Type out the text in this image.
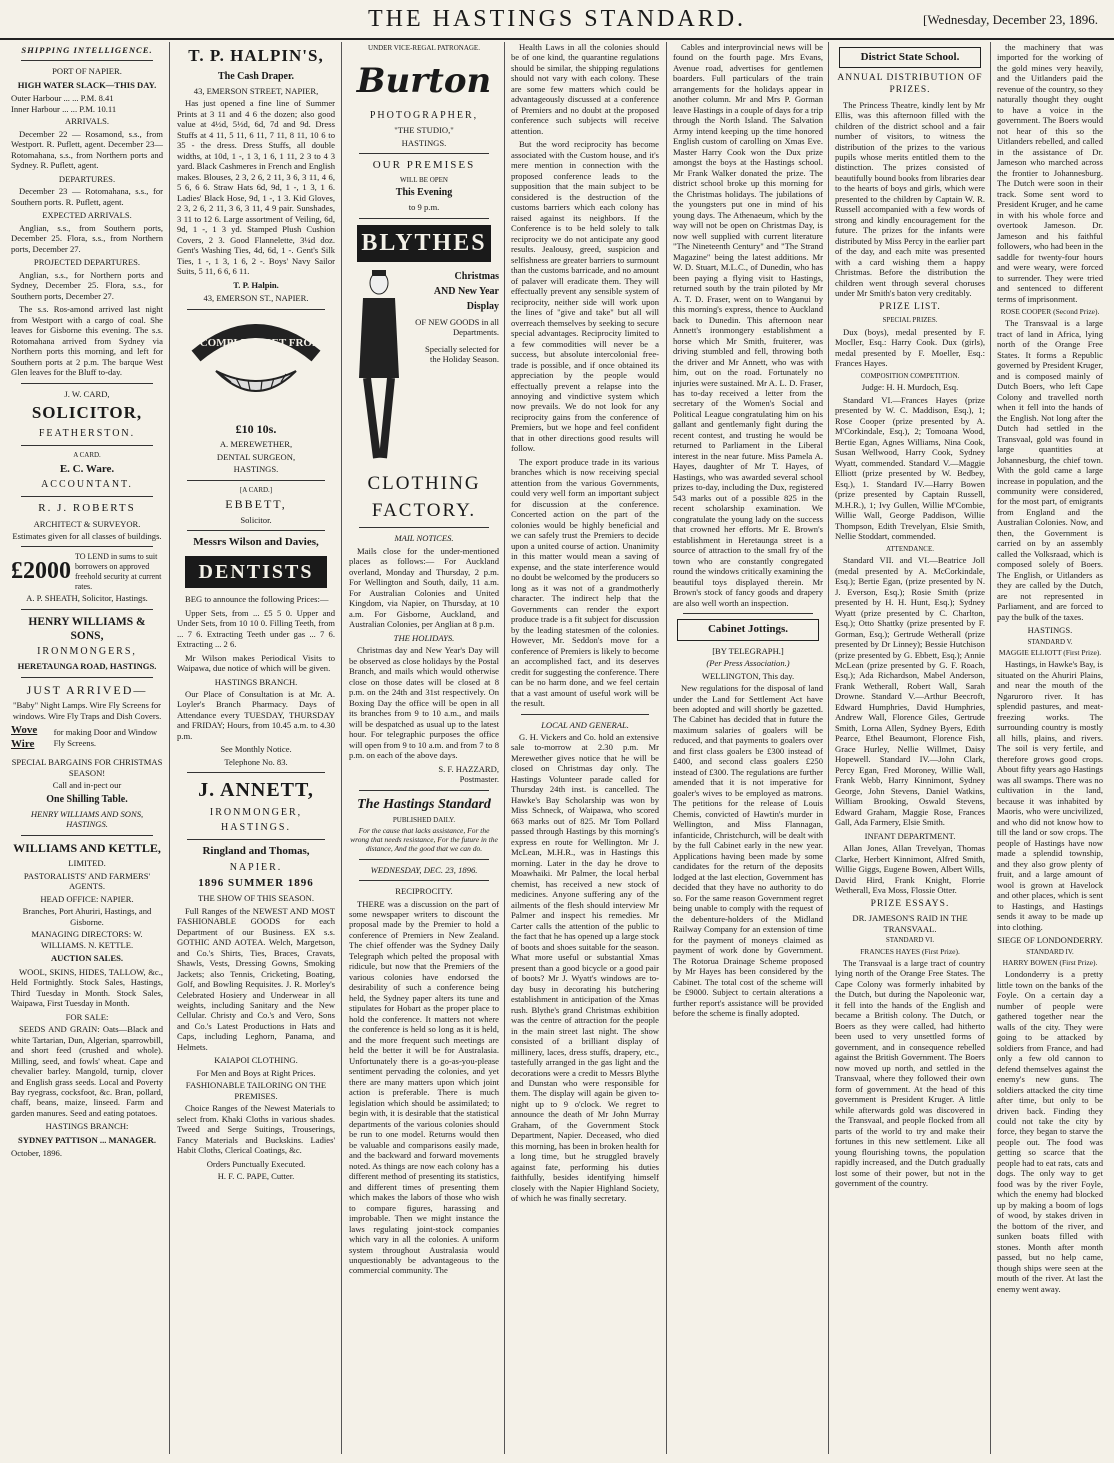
THE HASTINGS STANDARD.	[Wednesday, December 23, 1896.
SHIPPING INTELLIGENCE.
PORT OF NAPIER.
HIGH WATER SLACK—THIS DAY.
Outer Harbour ... ... P.M. 8.41
Inner Harbour ... ... P.M. 10.11
ARRIVALS.

December 22 — Rosamond, s.s., from Westport. R. Puflett, agent. December 23—Rotomahana, s.s., from Northern ports and Sydney. R. Puflett, agent.

DEPARTURES.

December 23 — Rotomahana, s.s., for Southern ports. R. Puflett, agent.

EXPECTED ARRIVALS.

Anglian, s.s., from Southern ports, December 25. Flora, s.s., from Northern ports, December 27.

PROJECTED DEPARTURES.

Anglian, s.s., for Northern ports and Sydney, December 25. Flora, s.s., for Southern ports, December 27.

The s.s. Ros-amond arrived last night from Westport with a cargo of coal. She leaves for Gisborne this evening. The s.s. Rotomahana arrived from Sydney via Northern ports this morning, and left for Southern ports at 2 p.m. The barque West Glen leaves for the Bluff to-day.

J. W. CARD,
SOLICITOR,
FEATHERSTON.
A CARD.
E. C. Ware.
ACCOUNTANT.
R. J. ROBERTS
ARCHITECT & SURVEYOR.
Estimates given for all classes of buildings.
£2000
TO LEND in sums to suit borrowers on approved freehold security at current rates.
A. P. SHEATH, Solicitor, Hastings.
HENRY WILLIAMS & SONS,
IRONMONGERS,
HERETAUNGA ROAD, HASTINGS.
JUST ARRIVED—
"Baby" Night Lamps. Wire Fly Screens for windows. Wire Fly Traps and Dish Covers.
Wove Wire
for making Door and Window Fly Screens.
SPECIAL BARGAINS FOR CHRISTMAS SEASON!
Call and in-pect our
One Shilling Table.
HENRY WILLIAMS AND SONS, HASTINGS.
WILLIAMS AND KETTLE,
LIMITED.
PASTORALISTS' AND FARMERS' AGENTS.
HEAD OFFICE: NAPIER.
Branches, Port Ahuriri, Hastings, and Gisborne.
MANAGING DIRECTORS: W. WILLIAMS. N. KETTLE.
AUCTION SALES.

WOOL, SKINS, HIDES, TALLOW, &c., Held Fortnightly. Stock Sales, Hastings, Third Tuesday in Month. Stock Sales, Waipawa, First Tuesday in Month.

FOR SALE:

SEEDS AND GRAIN: Oats—Black and white Tartarian, Dun, Algerian, sparrowbill, and short feed (crushed and whole). Milling, seed, and fowls' wheat. Cape and chevalier barley. Mangold, turnip, clover and English grass seeds. Local and Poverty Bay ryegrass, cocksfoot, &c. Bran, pollard, chaff, beans, maize, linseed. Farm and garden manures. Seed and eating potatoes.

HASTINGS BRANCH:
SYDNEY PATTISON ... MANAGER.
October, 1896.
T. P. HALPIN'S,
The Cash Draper.
43, EMERSON STREET, NAPIER,

Has just opened a fine line of Summer Prints at 3 11 and 4 6 the dozen; also good value at 4½d, 5½d, 6d, 7d and 9d. Dress Stuffs at 4 11, 5 11, 6 11, 7 11, 8 11, 10 6 to 35 - the dress. Dress Stuffs, all double widths, at 10d, 1 -, 1 3, 1 6, 1 11, 2 3 to 4 3 yard. Black Cashmeres in French and English makes. Blouses, 2 3, 2 6, 2 11, 3 6, 3 11, 4 6, 5 6, 6 6. Straw Hats 6d, 9d, 1 -, 1 3, 1 6. Ladies' Black Hose, 9d, 1 -, 1 3. Kid Gloves, 2 3, 2 6, 2 11, 3 6, 3 11, 4 9 pair. Sunshades, 3 11 to 12 6. Large assortment of Veiling, 6d, 9d, 1 -, 1 3 yd. Stamped Plush Cushion Covers, 2 3. Good Flannelette, 3¼d doz. Gent's Washing Ties, 4d, 6d, 1 -. Gent's Silk Ties, 1 -, 1 3, 1 6, 2 -. Boys' Navy Sailor Suits, 5 11, 6 6, 6 11.

T. P. Halpin.
43, EMERSON ST., NAPIER.
A COMPLETE SET FROM
£10 10s.
A. MEREWETHER,
DENTAL SURGEON,
HASTINGS.
[A CARD.]
EBBETT,
Solicitor.
Messrs Wilson and Davies,
DENTISTS

BEG to announce the following Prices:—

Upper Sets, from ... £5 5 0. Upper and Under Sets, from 10 10 0. Filling Teeth, from ... 7 6. Extracting Teeth under gas ... 7 6. Extracting ... 2 6.

Mr Wilson makes Periodical Visits to Waipawa, due notice of which will be given.

HASTINGS BRANCH.

Our Place of Consultation is at Mr. A. Loyler's Branch Pharmacy. Days of Attendance every TUESDAY, THURSDAY and FRIDAY; Hours, from 10.45 a.m. to 4.30 p.m.

See Monthly Notice.
Telephone No. 83.
J. ANNETT,
IRONMONGER,
HASTINGS.
Ringland and Thomas,
NAPIER.
1896 SUMMER 1896
THE SHOW OF THIS SEASON.

Full Ranges of the NEWEST AND MOST FASHIONABLE GOODS for each Department of our Business. EX s.s. GOTHIC AND AOTEA. Welch, Margetson, and Co.'s Shirts, Ties, Braces, Cravats, Shawls, Vests, Dressing Gowns, Smoking Jackets; also Tennis, Cricketing, Boating, Golf, and Bowling Requisites. J. R. Morley's Celebrated Hosiery and Underwear in all weights, including Sanitary and the New Cellular. Christy and Co.'s and Vero, Sons and Co.'s Latest Productions in Hats and Caps, including Leghorn, Panama, and Helmets.

KAIAPOI CLOTHING.
For Men and Boys at Right Prices.
FASHIONABLE TAILORING ON THE PREMISES.

Choice Ranges of the Newest Materials to select from. Khaki Cloths in various shades. Tweed and Serge Suitings, Trouserings, Fancy Materials and Buckskins. Ladies' Habit Cloths, Clerical Coatings, &c.

Orders Punctually Executed.
H. F. C. PAPE, Cutter.
UNDER VICE-REGAL PATRONAGE.
Burton
PHOTOGRAPHER,
"THE STUDIO,"
HASTINGS.
OUR PREMISES
WILL BE OPEN
This Evening
to 9 p.m.
BLYTHES
Christmas
AND New Year
Display
OF NEW GOODS in all Departments.
Specially selected for the Holiday Season.
CLOTHING
FACTORY.
MAIL NOTICES.

Mails close for the under-mentioned places as follows:— For Auckland overland, Monday and Thursday, 2 p.m. For Wellington and South, daily, 11 a.m. For Australian Colonies and United Kingdom, via Napier, on Thursday, at 10 a.m. For Gisborne, Auckland, and Australian Colonies, per Anglian at 8 p.m.

THE HOLIDAYS.

Christmas day and New Year's Day will be observed as close holidays by the Postal Branch, and mails which would otherwise close on those dates will be closed at 8 p.m. on the 24th and 31st respectively. On Boxing Day the office will be open in all its branches from 9 to 10 a.m., and mails will be despatched as usual up to the latest hour. For telegraphic purposes the office will open from 9 to 10 a.m. and from 7 to 8 p.m. on each of the above days.

S. F. HAZZARD,
Postmaster.
The Hastings Standard
PUBLISHED DAILY.
For the cause that lacks assistance, For the wrong that needs resistance, For the future in the distance, And the good that we can do.
WEDNESDAY, DEC. 23, 1896.
RECIPROCITY.

THERE was a discussion on the part of some newspaper writers to discount the proposal made by the Premier to hold a conference of Premiers in New Zealand. The chief offender was the Sydney Daily Telegraph which pelted the proposal with ridicule, but now that the Premiers of the various colonies have endorsed the desirability of such a conference being held, the Sydney paper alters its tune and stipulates for Hobart as the proper place to hold the conference. It matters not where the conference is held so long as it is held, and the more frequent such meetings are held the better it will be for Australasia. Unfortunately there is a go-as-you-please sentiment pervading the colonies, and yet there are many matters upon which joint action is preferable. There is much legislation which should be assimilated; to begin with, it is desirable that the statistical departments of the various colonies should be run to one model. Returns would then be valuable and comparisons easily made, and the backward and forward movements noted. As things are now each colony has a different method of presenting its statistics, and different times of presenting them which makes the labors of those who wish to compare figures, harassing and improbable. Then we might instance the laws regulating joint-stock companies which vary in all the colonies. A uniform system throughout Australasia would unquestionably be advantageous to the commercial community. The

Health Laws in all the colonies should be of one kind, the quarantine regulations should be similar, the shipping regulations should not vary with each colony. These are some few matters which could be advantageously discussed at a conference of Premiers and no doubt at the proposed conference such subjects will receive attention.

But the word reciprocity has become associated with the Custom house, and it's mere mention in connection with the proposed conference leads to the supposition that the main subject to be considered is the destruction of the customs barriers which each colony has raised against its neighbors. If the Conference is to be held solely to talk reciprocity we do not anticipate any good results. Jealousy, greed, suspicion and selfishness are greater barriers to surmount than the customs barricade, and no amount of palaver will eradicate them. They will effectually prevent any sensible system of reciprocity, neither side will work upon the lines of "give and take" but all will overreach themselves by seeking to secure special advantages. Reciprocity limited to a few commodities will never be a success, but absolute intercolonial free-trade is possible, and if once obtained its appreciation by the people would effectually prevent a relapse into the annoying and vindictive system which now prevails. We do not look for any reciprocity gains from the conference of Premiers, but we hope and feel confident that in other directions good results will follow.

The export produce trade in its various branches which is now receiving special attention from the various Governments, could very well form an important subject for discussion at the conference. Concerted action on the part of the colonies would be highly beneficial and we can safely trust the Premiers to decide upon a united course of action. Unanimity in this matter would mean a saving of expense, and the state interference would no doubt be welcomed by the producers so long as it was not of a grandmotherly character. The indirect help that the Governments can render the export produce trade is a fit subject for discussion by the leading statesmen of the colonies. However, Mr. Seddon's move for a conference of Premiers is likely to become an accomplished fact, and its deserves credit for suggesting the conference. There can be no harm done, and we feel certain that a vast amount of useful work will be the result.

LOCAL AND GENERAL.

G. H. Vickers and Co. hold an extensive sale to-morrow at 2.30 p.m. Mr Merewether gives notice that he will be closed on Christmas day only. The Hastings Volunteer parade called for Thursday 24th inst. is cancelled. The Hawke's Bay Scholarship was won by Miss Schneck, of Waipawa, who scored 663 marks out of 825. Mr Tom Pollard passed through Hastings by this morning's express en route for Wellington. Mr J. McLean, M.H.R., was in Hastings this morning. Later in the day he drove to Moawhaiki. Mr Palmer, the local herbal chemist, has received a new stock of medicines. Anyone suffering any of the ailments of the flesh should interview Mr Palmer and inspect his remedies. Mr Carter calls the attention of the public to the fact that he has opened up a large stock of boots and shoes suitable for the season. What more useful or substantial Xmas present than a good bicycle or a good pair of boots? Mr J. Wyatt's windows are to-day busy in decorating his butchering establishment in anticipation of the Xmas rush. Blythe's grand Christmas exhibition was the centre of attraction for the people in the main street last night. The show consisted of a brilliant display of millinery, laces, dress stuffs, drapery, etc., tastefully arranged in the gas light and the decorations were a credit to Messrs Blythe and Dunstan who were responsible for them. The display will again be given to-night up to 9 o'clock. We regret to announce the death of Mr John Murray Graham, of the Government Stock Department, Napier. Deceased, who died this morning, has been in broken health for a long time, but he struggled bravely against fate, performing his duties faithfully, besides identifying himself closely with the Napier Highland Society, of which he was finally secretary.

Cables and interprovincial news will be found on the fourth page. Mrs Evans, Avenue road, advertises for gentlemen boarders. Full particulars of the train arrangements for the holidays appear in another column. Mr and Mrs P. Gorman leave Hastings in a couple of days for a trip through the North Island. The Salvation Army intend keeping up the time honored English custom of carolling on Xmas Eve. Master Harry Cook won the Dux prize amongst the boys at the Hastings school. Mr Frank Walker donated the prize. The district school broke up this morning for the Christmas holidays. The jubilations of the youngsters put one in mind of his young days. The Athenaeum, which by the way will not be open on Christmas Day, is now well supplied with current literature "The Nineteenth Century" and "The Strand Magazine" being the latest additions. Mr W. D. Stuart, M.L.C., of Dunedin, who has been paying a flying visit to Hastings, returned south by the train piloted by Mr A. T. D. Fraser, went on to Wanganui by this morning's express, thence to Auckland back to Dunedin. This afternoon near Annett's ironmongery establishment a horse which Mr Smith, fruiterer, was driving stumbled and fell, throwing both the driver and Mr Annett, who was with him, out on the road. Fortunately no injuries were sustained. Mr A. L. D. Fraser, has to-day received a letter from the secretary of the Women's Social and Political League congratulating him on his gallant and gentlemanly fight during the recent contest, and trusting he would be returned to Parliament in the Liberal interest in the near future. Miss Pamela A. Hayes, daughter of Mr T. Hayes, of Hastings, who was awarded several school prizes to-day, including the Dux, registered 543 marks out of a possible 825 in the recent scholarship examination. We congratulate the young lady on the success that crowned her efforts. Mr E. Brown's establishment in Heretaunga street is a source of attraction to the small fry of the town who are constantly congregated round the windows critically examining the beautiful toys displayed therein. Mr Brown's stock of fancy goods and drapery are also well worth an inspection.

Cabinet Jottings.
[BY TELEGRAPH.]
(Per Press Association.)
WELLINGTON, This day.

New regulations for the disposal of land under the Land for Settlement Act have been adopted and will shortly be gazetted. The Cabinet has decided that in future the maximum salaries of goalers will be reduced, and that payments to goalers over and first class goalers be £300 instead of £400, and second class goalers £250 instead of £300. The regulations are further amended that it is not imperative for goaler's wives to be employed as matrons. The petitions for the release of Louis Chemis, convicted of Hawtin's murder in Wellington, and Miss Flannagan, infanticide, Christchurch, will be dealt with by the full Cabinet early in the new year. Applications having been made by some candidates for the return of the deposits lodged at the last election, Government has decided that they have no authority to do so. For the same reason Government regret being unable to comply with the request of the debenture-holders of the Midland Railway Company for an extension of time for the payment of moneys claimed as payment of work done by Government. The Rotorua Drainage Scheme proposed by Mr Hayes has been considered by the Cabinet. The total cost of the scheme will be £9000. Subject to certain alterations a further report's assistance will be provided before the scheme is finally adopted.

District State School.
ANNUAL DISTRIBUTION OF PRIZES.

The Princess Theatre, kindly lent by Mr Ellis, was this afternoon filled with the children of the district school and a fair number of visitors, to witness the distribution of the prizes to the various pupils whose merits entitled them to the distinction. The prizes consisted of beautifully bound books from libraries dear to the hearts of boys and girls, which were presented to the children by Captain W. R. Russell accompanied with a few words of strong and kindly encouragement for the future. The prizes for the infants were distributed by Miss Percy in the earlier part of the day, and each mite was presented with a card wishing them a happy Christmas. Before the distribution the children went through several choruses under Mr Smith's baton very creditably.

PRIZE LIST.
SPECIAL PRIZES.

Dux (boys), medal presented by F. Mocller, Esq.: Harry Cook. Dux (girls), medal presented by F. Moeller, Esq.: Frances Hayes.

COMPOSITION COMPETITION.
Judge: H. H. Murdoch, Esq.

Standard VI.—Frances Hayes (prize presented by W. C. Maddison, Esq.), 1; Rose Cooper (prize presented by A. M'Corkindale, Esq.), 2; Tomoana Wood, Bertie Egan, Agnes Williams, Nina Cook, Susan Wellwood, Harry Cook, Sydney Wyatt, commended. Standard V.—Maggie Elliott (prize presented by W. Bedbey, Esq.), 1. Standard IV.—Harry Bowen (prize presented by Captain Russell, M.H.R.), 1; Ivy Gullen, Willie M'Combie, Willie Wall, George Paddison, Willie Thompson, Edith Trevelyan, Elsie Smith, Nellie Stoddart, commended.

ATTENDANCE.

Standard VII. and VI.—Beatrice Joll (medal presented by A. McCorkindale, Esq.); Bertie Egan, (prize presented by N. J. Everson, Esq.); Rosie Smith (prize presented by H. H. Hunt, Esq.); Sydney Wyatt (prize presented by C. Charlton, Esq.); Otto Shattky (prize presented by F. Gorman, Esq.); Gertrude Wetherall (prize presented by Dr Linney); Bessie Hutchison (prize presented by G. Ebbett, Esq.); Annie McLean (prize presented by G. F. Roach, Esq.); Ada Richardson, Mabel Anderson, Frank Wetherall, Robert Wall, Sarah Drowne. Standard V.—Arthur Beecroft, Edward Humphries, David Humphries, Andrew Wall, Florence Giles, Gertrude Smith, Lorna Allen, Sydney Byers, Edith Pearce, Ethel Beaumont, Florence Fish, Grace Hurley, Nellie Willmet, Daisy Hopewell. Standard IV.—John Clark, Percy Egan, Fred Moroney, Willie Wall, Frank Webb, Harry Kinnimont, Sydney George, John Stevens, Daniel Watkins, William Brooking, Oswald Stevens, Edward Graham, Maggie Rose, Frances Gall, Ada Farmery, Elsie Smith.

INFANT DEPARTMENT.

Allan Jones, Allan Trevelyan, Thomas Clarke, Herbert Kinnimont, Alfred Smith, Willie Giggs, Eugene Bowen, Albert Wills, David Hird, Frank Knight, Florrie Wetherall, Eva Moss, Flossie Otter.

PRIZE ESSAYS.
DR. JAMESON'S RAID IN THE TRANSVAAL.
STANDARD VI.
FRANCES HAYES (First Prize).

The Transvaal is a large tract of country lying north of the Orange Free States. The Cape Colony was formerly inhabited by the Dutch, but during the Napoleonic war, it fell into the hands of the English and became a British colony. The Dutch, or Boers as they were called, had hitherto been used to very unsettled forms of government, and in consequence rebelled against the British Government. The Boers now moved up north, and settled in the Transvaal, where they followed their own form of government. At the head of this government is President Kruger. A little while afterwards gold was discovered in the Transvaal, and people flocked from all parts of the world to try and make their fortunes in this new settlement. Like all young flourishing towns, the population rapidly increased, and the Dutch gradually lost some of their power, but not in the government of the country.

the machinery that was imported for the working of the gold mines very heavily, and the Uitlanders paid the revenue of the country, so they naturally thought they ought to have a voice in the government. The Boers would not hear of this so the Uitlanders rebelled, and called in the assistance of Dr. Jameson who marched across the frontier to Johannesburg. The Dutch were soon in their track. Some sent word to President Kruger, and he came in with his whole force and overtook Jameson. Dr. Jameson and his faithful followers, who had been in the saddle for twenty-four hours and were weary, were forced to surrender. They were tried and sentenced to different terms of imprisonment.

ROSE COOPER (Second Prize).

The Transvaal is a large tract of land in Africa, lying north of the Orange Free States. It forms a Republic governed by President Kruger, and is composed mainly of Dutch Boers, who left Cape Colony and travelled north when it fell into the hands of the English. Not long after the Dutch had settled in the Transvaal, gold was found in large quantities at Johannesburg, the chief town. With the gold came a large increase in population, and the community were considered, for the most part, of emigrants from England and the Australian Colonies. Now, and then, the Government is carried on by an assembly called the Volksraad, which is composed solely of Boers. The English, or Uitlanders as they are called by the Dutch, are not represented in Parliament, and are forced to pay the bulk of the taxes.

HASTINGS.
STANDARD V.
MAGGIE ELLIOTT (First Prize).

Hastings, in Hawke's Bay, is situated on the Ahuriri Plains, and near the mouth of the Ngaruroro river. It has splendid pastures, and meat-freezing works. The surrounding country is mostly all hills, plains, and rivers. The soil is very fertile, and therefore grows good crops. About fifty years ago Hastings was all swamps. There was no cultivation in the land, because it was inhabited by Maoris, who were uncivilized, and who did not know how to till the land or sow crops. The people of Hastings have now made a splendid township, and they also grow plenty of fruit, and a large amount of wool is grown at Havelock and other places, which is sent to Hastings, and Hastings sends it away to be made up into clothing.

SIEGE OF LONDONDERRY.
STANDARD IV.
HARRY BOWEN (First Prize).

Londonderry is a pretty little town on the banks of the Foyle. On a certain day a number of people were gathered together near the walls of the city. They were going to be attacked by soldiers from France, and had only a few old cannon to defend themselves against the enemy's new guns. The soldiers attacked the city time after time, but only to be driven back. Finding they could not take the city by force, they began to starve the people out. The food was getting so scarce that the people had to eat rats, cats and dogs. The only way to get food was by the river Foyle, which the enemy had blocked up by making a boom of logs of wood, by stakes driven in the bottom of the river, and sunken boats filled with stones. Month after month passed, but no help came, though ships were seen at the mouth of the river. At last the enemy went away.
